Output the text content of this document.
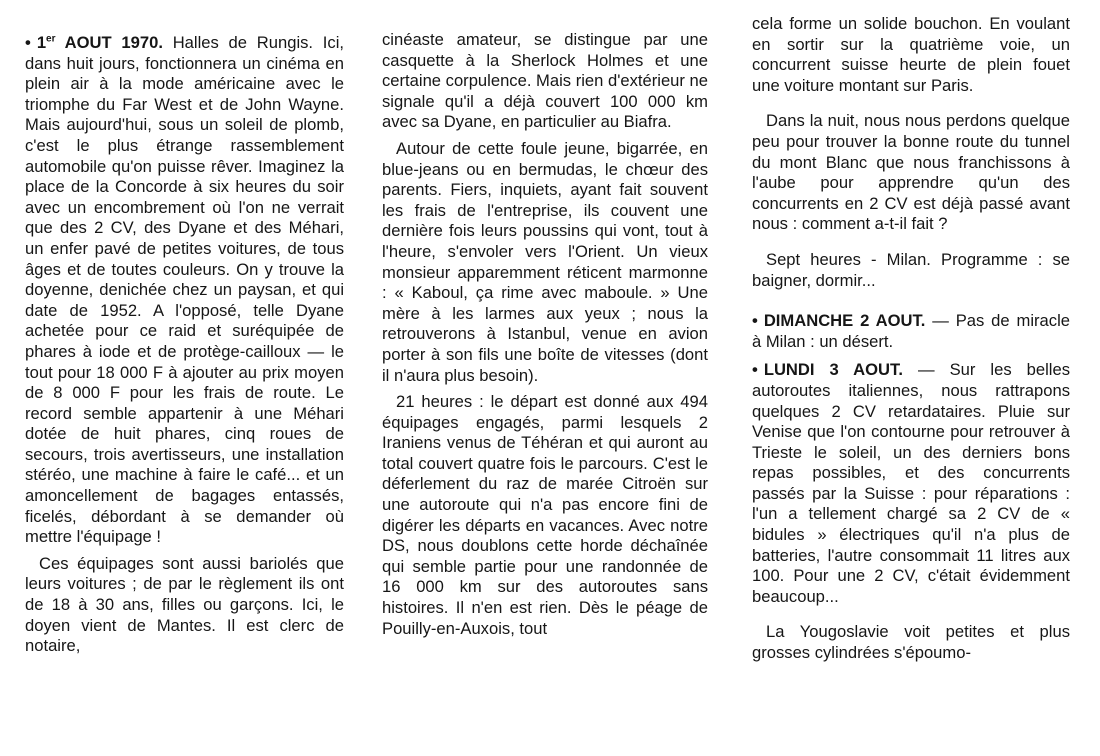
• 1er AOUT 1970. Halles de Rungis. Ici, dans huit jours, fonctionnera un cinéma en plein air à la mode américaine avec le triomphe du Far West et de John Wayne. Mais aujourd'hui, sous un soleil de plomb, c'est le plus étrange rassemblement automobile qu'on puisse rêver. Imaginez la place de la Concorde à six heures du soir avec un encombrement où l'on ne verrait que des 2 CV, des Dyane et des Méhari, un enfer pavé de petites voitures, de tous âges et de toutes couleurs. On y trouve la doyenne, denichée chez un paysan, et qui date de 1952. A l'opposé, telle Dyane achetée pour ce raid et suréquipée de phares à iode et de protège-cailloux — le tout pour 18 000 F à ajouter au prix moyen de 8 000 F pour les frais de route. Le record semble appartenir à une Méhari dotée de huit phares, cinq roues de secours, trois avertisseurs, une installation stéréo, une machine à faire le café... et un amoncellement de bagages entassés, ficelés, débordant à se demander où mettre l'équipage !

Ces équipages sont aussi bariolés que leurs voitures ; de par le règlement ils ont de 18 à 30 ans, filles ou garçons. Ici, le doyen vient de Mantes. Il est clerc de notaire,

cinéaste amateur, se distingue par une casquette à la Sherlock Holmes et une certaine corpulence. Mais rien d'extérieur ne signale qu'il a déjà couvert 100 000 km avec sa Dyane, en particulier au Biafra.

Autour de cette foule jeune, bigarrée, en blue-jeans ou en bermudas, le chœur des parents. Fiers, inquiets, ayant fait souvent les frais de l'entreprise, ils couvent une dernière fois leurs poussins qui vont, tout à l'heure, s'envoler vers l'Orient. Un vieux monsieur apparemment réticent marmonne : « Kaboul, ça rime avec maboule. » Une mère à les larmes aux yeux ; nous la retrouverons à Istanbul, venue en avion porter à son fils une boîte de vitesses (dont il n'aura plus besoin).

21 heures : le départ est donné aux 494 équipages engagés, parmi lesquels 2 Iraniens venus de Téhéran et qui auront au total couvert quatre fois le parcours. C'est le déferlement du raz de marée Citroën sur une autoroute qui n'a pas encore fini de digérer les départs en vacances. Avec notre DS, nous doublons cette horde déchaînée qui semble partie pour une randonnée de 16 000 km sur des autoroutes sans histoires. Il n'en est rien. Dès le péage de Pouilly-en-Auxois, tout

cela forme un solide bouchon. En voulant en sortir sur la quatrième voie, un concurrent suisse heurte de plein fouet une voiture montant sur Paris.

Dans la nuit, nous nous perdons quelque peu pour trouver la bonne route du tunnel du mont Blanc que nous franchissons à l'aube pour apprendre qu'un des concurrents en 2 CV est déjà passé avant nous : comment a-t-il fait ?

Sept heures - Milan. Programme : se baigner, dormir...

• DIMANCHE 2 AOUT. — Pas de miracle à Milan : un désert.

• LUNDI 3 AOUT. — Sur les belles autoroutes italiennes, nous rattrapons quelques 2 CV retardataires. Pluie sur Venise que l'on contourne pour retrouver à Trieste le soleil, un des derniers bons repas possibles, et des concurrents passés par la Suisse : pour réparations : l'un a tellement chargé sa 2 CV de « bidules » électriques qu'il n'a plus de batteries, l'autre consommait 11 litres aux 100. Pour une 2 CV, c'était évidemment beaucoup...

La Yougoslavie voit petites et plus grosses cylindrées s'époumo-
